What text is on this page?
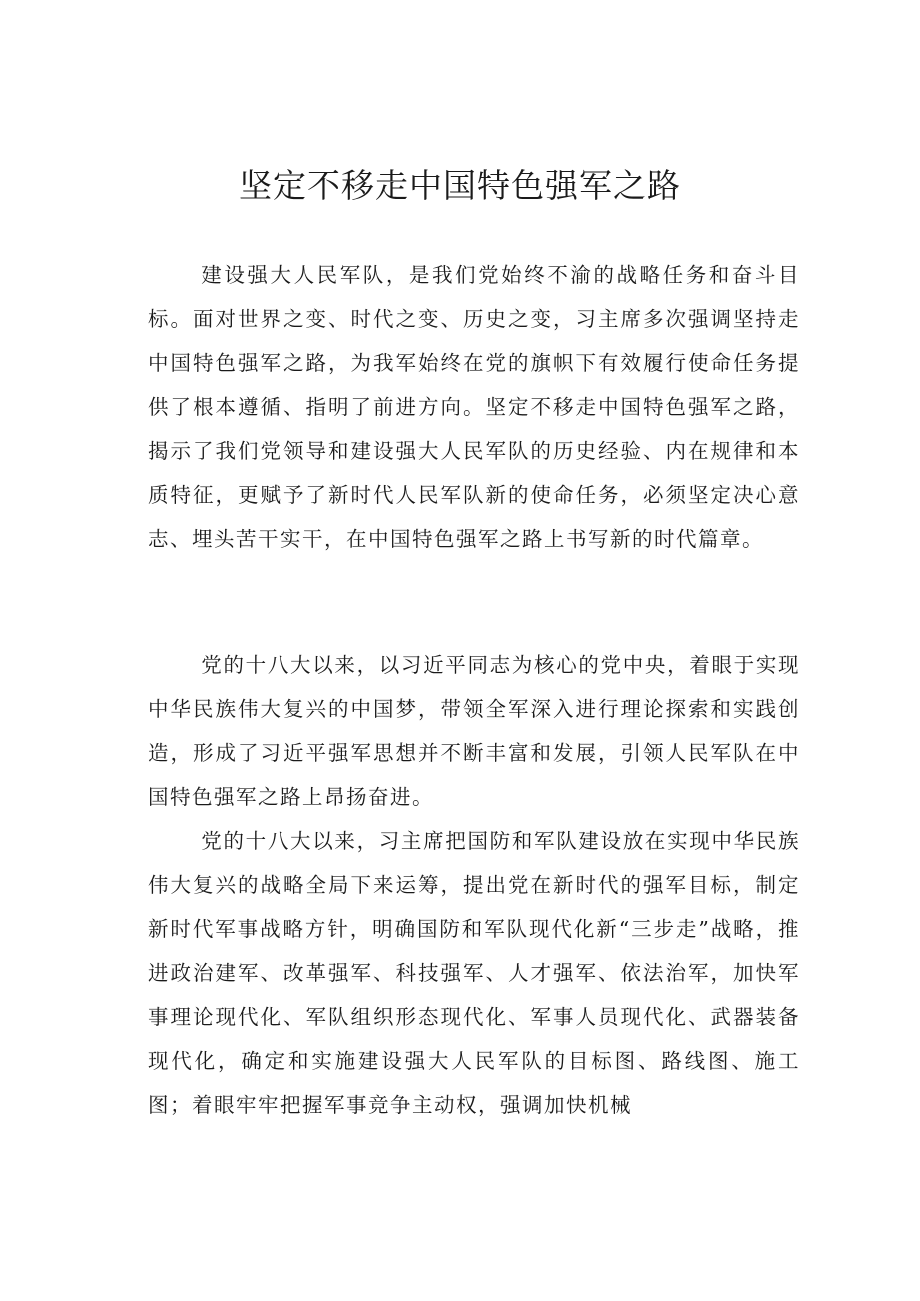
坚定不移走中国特色强军之路

建设强大人民军队，是我们党始终不渝的战略任务和奋斗目标。面对世界之变、时代之变、历史之变，习主席多次强调坚持走中国特色强军之路，为我军始终在党的旗帜下有效履行使命任务提供了根本遵循、指明了前进方向。坚定不移走中国特色强军之路，揭示了我们党领导和建设强大人民军队的历史经验、内在规律和本质特征，更赋予了新时代人民军队新的使命任务，必须坚定决心意志、埋头苦干实干，在中国特色强军之路上书写新的时代篇章。

党的十八大以来，以习近平同志为核心的党中央，着眼于实现中华民族伟大复兴的中国梦，带领全军深入进行理论探索和实践创造，形成了习近平强军思想并不断丰富和发展，引领人民军队在中国特色强军之路上昂扬奋进。

党的十八大以来，习主席把国防和军队建设放在实现中华民族伟大复兴的战略全局下来运筹，提出党在新时代的强军目标，制定新时代军事战略方针，明确国防和军队现代化新“三步走”战略，推进政治建军、改革强军、科技强军、人才强军、依法治军，加快军事理论现代化、军队组织形态现代化、军事人员现代化、武器装备现代化，确定和实施建设强大人民军队的目标图、路线图、施工图；着眼牢牢把握军事竞争主动权，强调加快机械
